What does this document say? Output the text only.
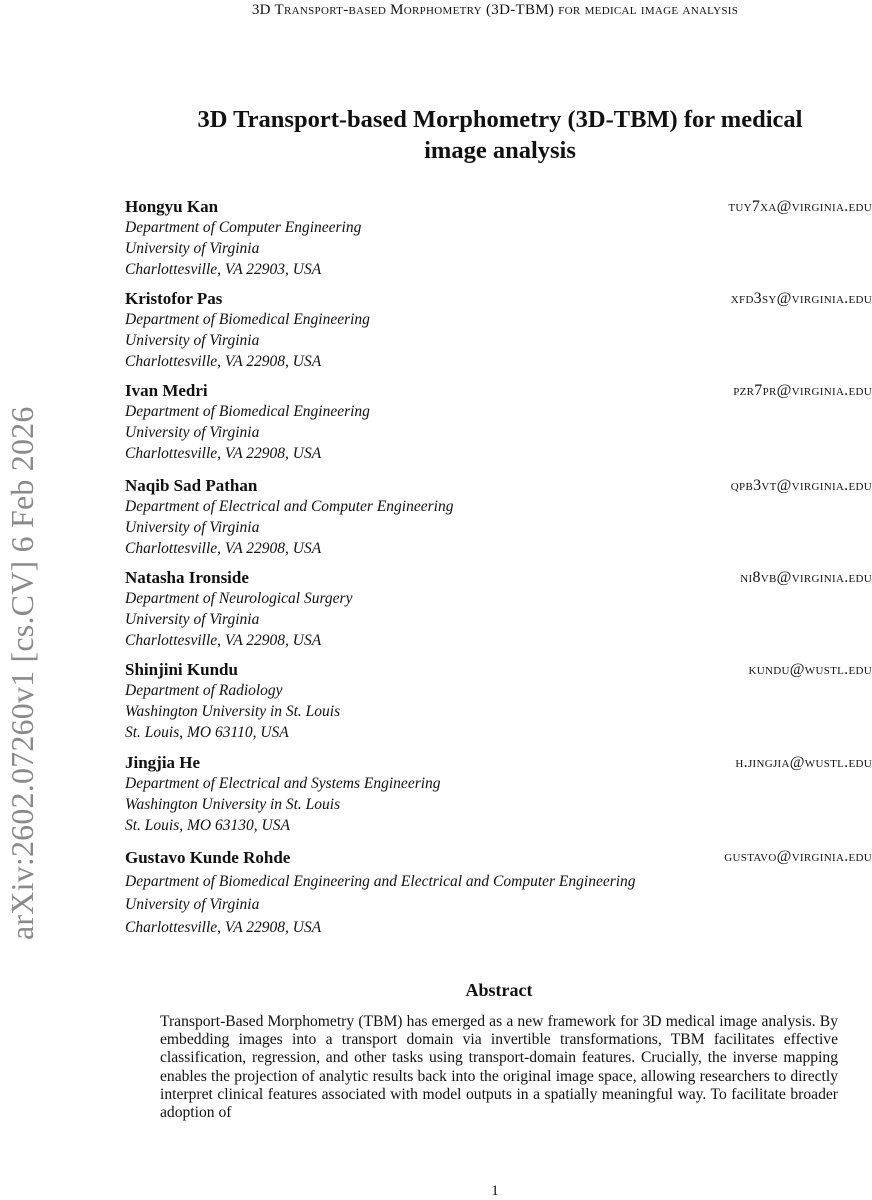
3D Transport-based Morphometry (3D-TBM) for medical image analysis
3D Transport-based Morphometry (3D-TBM) for medical
image analysis
arXiv:2602.07260v1 [cs.CV] 6 Feb 2026
Hongyu Kan	tuy7xa@virginia.edu
Department of Computer Engineering
University of Virginia
Charlottesville, VA 22903, USA
Kristofor Pas	xfd3sy@virginia.edu
Department of Biomedical Engineering
University of Virginia
Charlottesville, VA 22908, USA
Ivan Medri	pzr7pr@virginia.edu
Department of Biomedical Engineering
University of Virginia
Charlottesville, VA 22908, USA
Naqib Sad Pathan	qpb3vt@virginia.edu
Department of Electrical and Computer Engineering
University of Virginia
Charlottesville, VA 22908, USA
Natasha Ironside	ni8vb@virginia.edu
Department of Neurological Surgery
University of Virginia
Charlottesville, VA 22908, USA
Shinjini Kundu	kundu@wustl.edu
Department of Radiology
Washington University in St. Louis
St. Louis, MO 63110, USA
Jingjia He	h.jingjia@wustl.edu
Department of Electrical and Systems Engineering
Washington University in St. Louis
St. Louis, MO 63130, USA
Gustavo Kunde Rohde	gustavo@virginia.edu
Department of Biomedical Engineering and Electrical and Computer Engineering
University of Virginia
Charlottesville, VA 22908, USA
Abstract
Transport-Based Morphometry (TBM) has emerged as a new framework for 3D medical image analysis. By embedding images into a transport domain via invertible transformations, TBM facilitates effective classification, regression, and other tasks using transport-domain features. Crucially, the inverse mapping enables the projection of analytic results back into the original image space, allowing researchers to directly interpret clinical features associated with model outputs in a spatially meaningful way. To facilitate broader adoption of
1
